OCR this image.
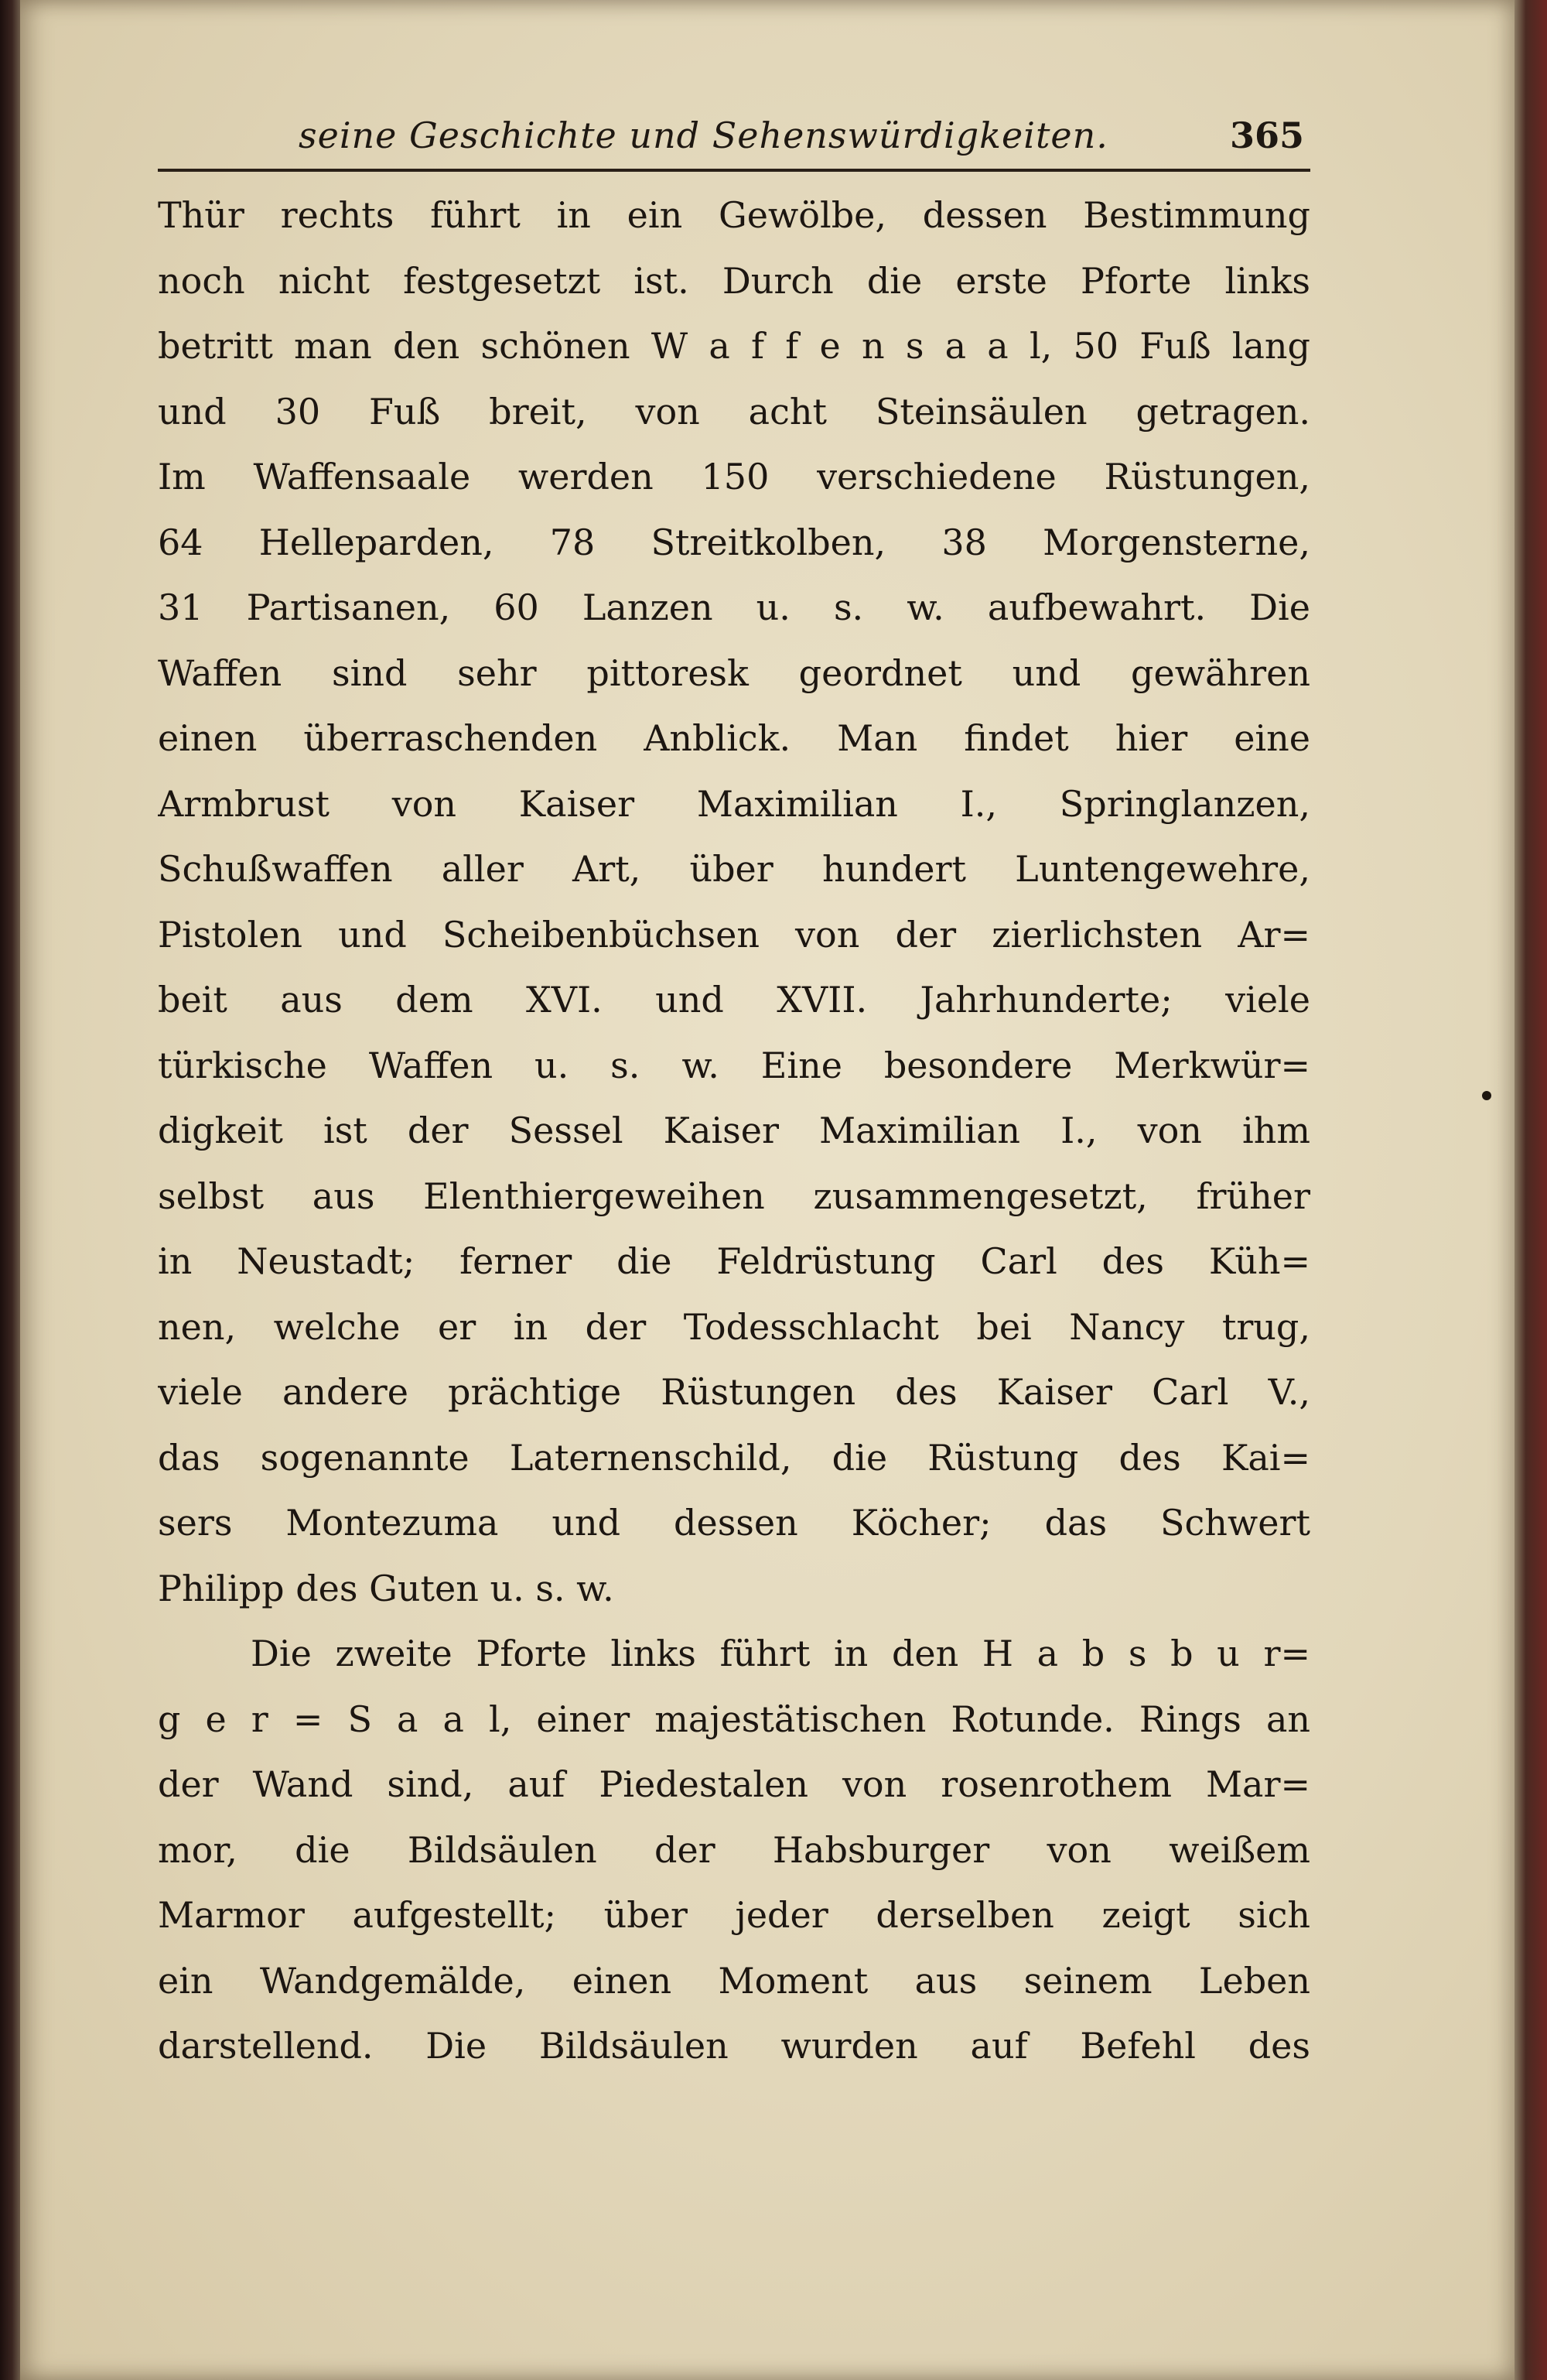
seine Geschichte und Sehenswürdigkeiten.	365
Thür rechts führt in ein Gewölbe, dessen Bestimmung
noch nicht festgesetzt ist. Durch die erste Pforte links
betritt man den schönen W a f f e n s a a l, 50 Fuß lang
und 30 Fuß breit, von acht Steinsäulen getragen.
Im Waffensaale werden 150 verschiedene Rüstungen,
64 Helleparden, 78 Streitkolben, 38 Morgensterne,
31 Partisanen, 60 Lanzen u. s. w. aufbewahrt. Die
Waffen sind sehr pittoresk geordnet und gewähren
einen überraschenden Anblick. Man findet hier eine
Armbrust von Kaiser Maximilian I., Springlanzen,
Schußwaffen aller Art, über hundert Luntengewehre,
Pistolen und Scheibenbüchsen von der zierlichsten Ar=
beit aus dem XVI. und XVII. Jahrhunderte; viele
türkische Waffen u. s. w. Eine besondere Merkwür=
digkeit ist der Sessel Kaiser Maximilian I., von ihm
selbst aus Elenthiergeweihen zusammengesetzt, früher
in Neustadt; ferner die Feldrüstung Carl des Küh=
nen, welche er in der Todesschlacht bei Nancy trug,
viele andere prächtige Rüstungen des Kaiser Carl V.,
das sogenannte Laternenschild, die Rüstung des Kai=
sers Montezuma und dessen Köcher; das Schwert
Philipp des Guten u. s. w.
Die zweite Pforte links führt in den H a b s b u r=
g e r = S a a l, einer majestätischen Rotunde. Rings an
der Wand sind, auf Piedestalen von rosenrothem Mar=
mor, die Bildsäulen der Habsburger von weißem
Marmor aufgestellt; über jeder derselben zeigt sich
ein Wandgemälde, einen Moment aus seinem Leben
darstellend. Die Bildsäulen wurden auf Befehl des
